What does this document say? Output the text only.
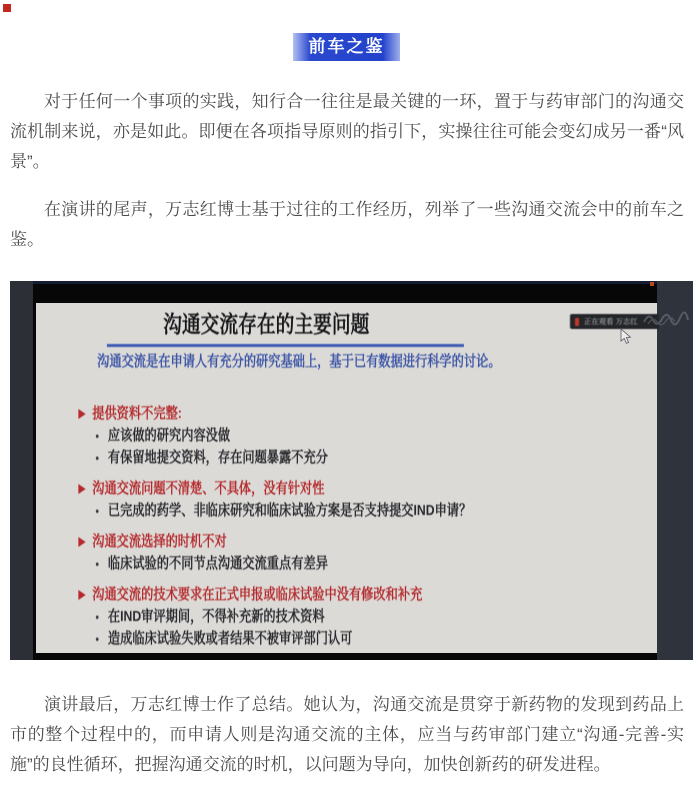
前车之鉴

对于任何一个事项的实践，知行合一往往是最关键的一环，置于与药审部门的沟通交流机制来说，亦是如此。即便在各项指导原则的指引下，实操往往可能会变幻成另一番“风景”。

在演讲的尾声，万志红博士基于过往的工作经历，列举了一些沟通交流会中的前车之鉴。

沟通交流存在的主要问题

沟通交流是在申请人有充分的研究基础上，基于已有数据进行科学的讨论。

提供资料不完整:
• 应该做的研究内容没做
• 有保留地提交资料，存在问题暴露不充分
沟通交流问题不清楚、不具体，没有针对性
• 已完成的药学、非临床研究和临床试验方案是否支持提交IND申请？
沟通交流选择的时机不对
• 临床试验的不同节点沟通交流重点有差异
沟通交流的技术要求在正式申报或临床试验中没有修改和补充
• 在IND审评期间，不得补充新的技术资料
• 造成临床试验失败或者结果不被审评部门认可
正在观看 万志红

演讲最后，万志红博士作了总结。她认为，沟通交流是贯穿于新药物的发现到药品上市的整个过程中的，而申请人则是沟通交流的主体，应当与药审部门建立“沟通-完善-实施”的良性循环，把握沟通交流的时机，以问题为导向，加快创新药的研发进程。
